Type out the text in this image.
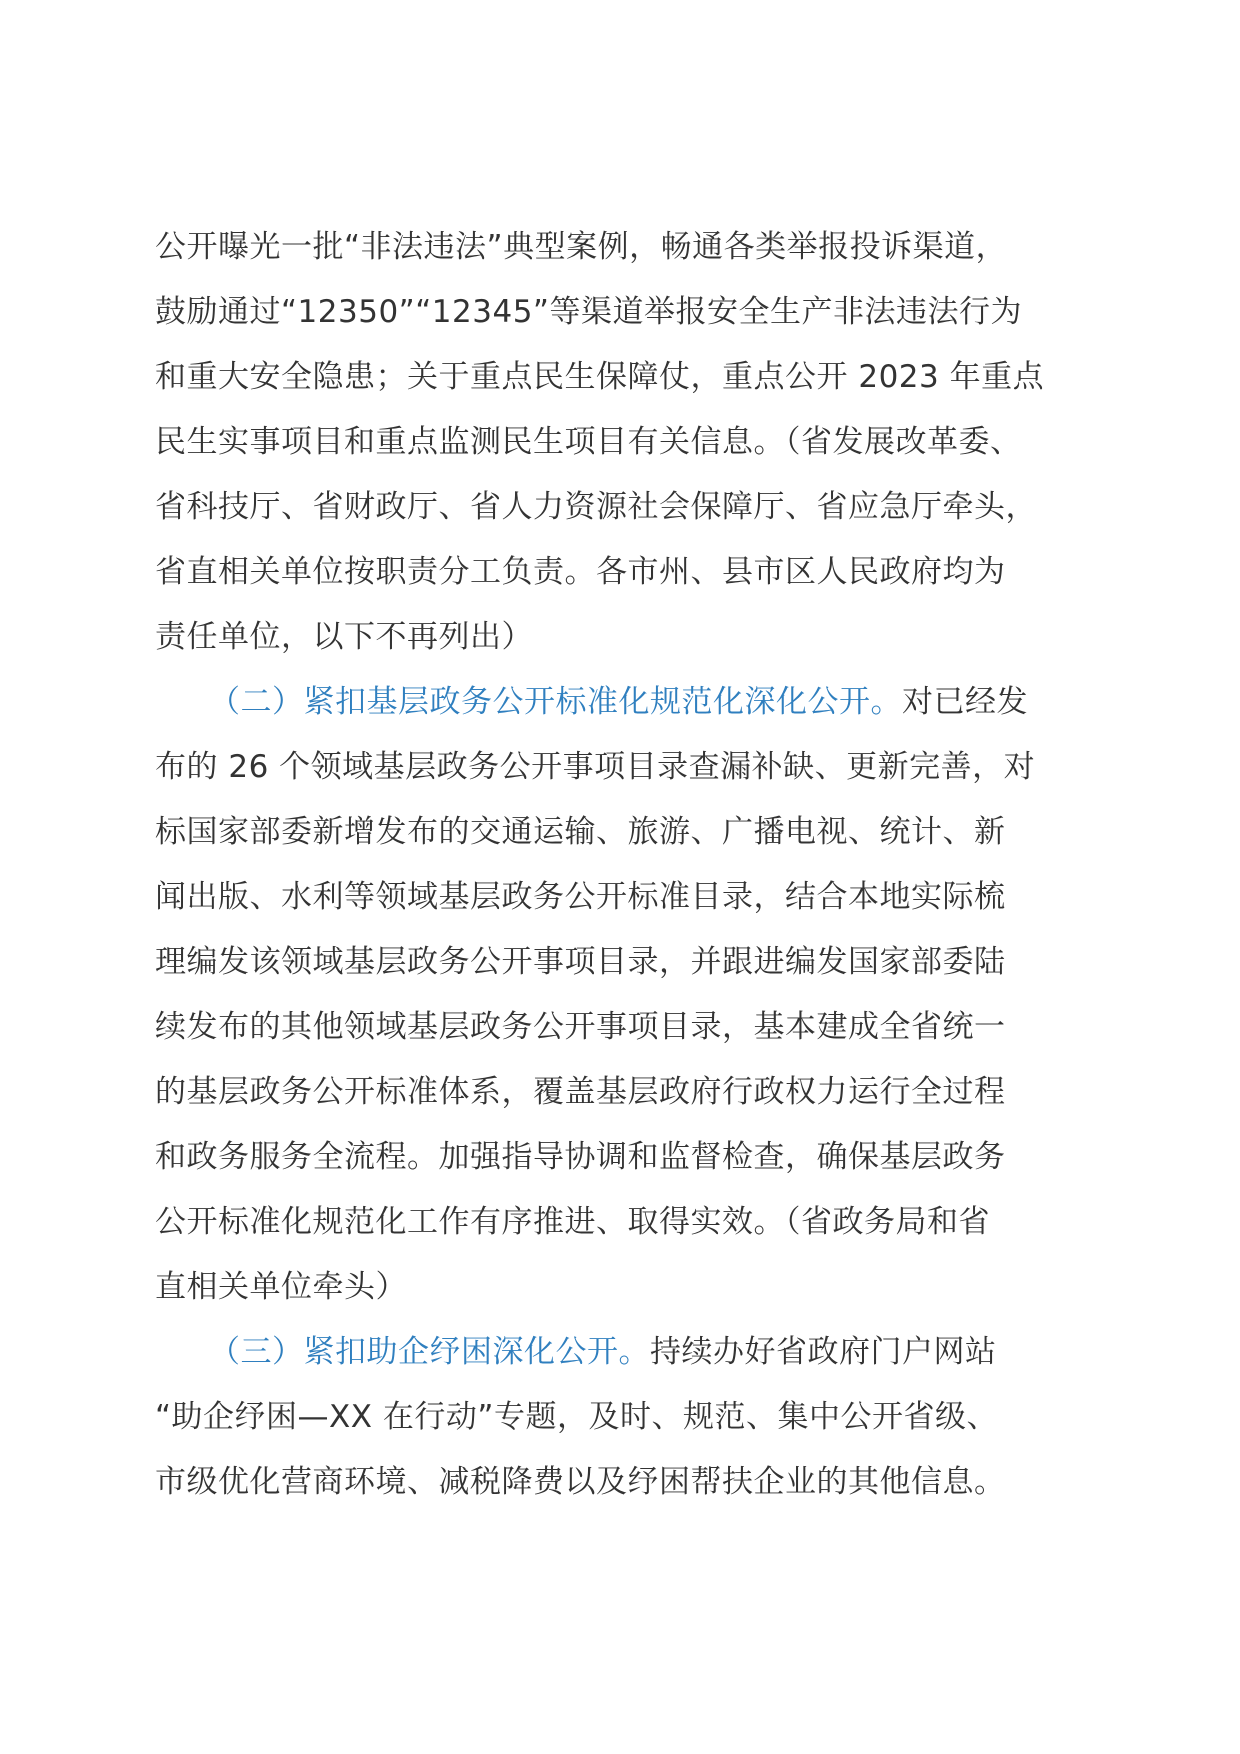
公开曝光一批“非法违法”典型案例，畅通各类举报投诉渠道，
鼓励通过“12350”“12345”等渠道举报安全生产非法违法行为
和重大安全隐患；关于重点民生保障仗，重点公开 2023 年重点
民生实事项目和重点监测民生项目有关信息。（省发展改革委、
省科技厅、省财政厅、省人力资源社会保障厅、省应急厅牵头，
省直相关单位按职责分工负责。各市州、县市区人民政府均为
责任单位，以下不再列出）
（二）紧扣基层政务公开标准化规范化深化公开。对已经发
布的 26 个领域基层政务公开事项目录查漏补缺、更新完善，对
标国家部委新增发布的交通运输、旅游、广播电视、统计、新
闻出版、水利等领域基层政务公开标准目录，结合本地实际梳
理编发该领域基层政务公开事项目录，并跟进编发国家部委陆
续发布的其他领域基层政务公开事项目录，基本建成全省统一
的基层政务公开标准体系，覆盖基层政府行政权力运行全过程
和政务服务全流程。加强指导协调和监督检查，确保基层政务
公开标准化规范化工作有序推进、取得实效。（省政务局和省
直相关单位牵头）
（三）紧扣助企纾困深化公开。持续办好省政府门户网站
“助企纾困—XX 在行动”专题，及时、规范、集中公开省级、
市级优化营商环境、减税降费以及纾困帮扶企业的其他信息。
